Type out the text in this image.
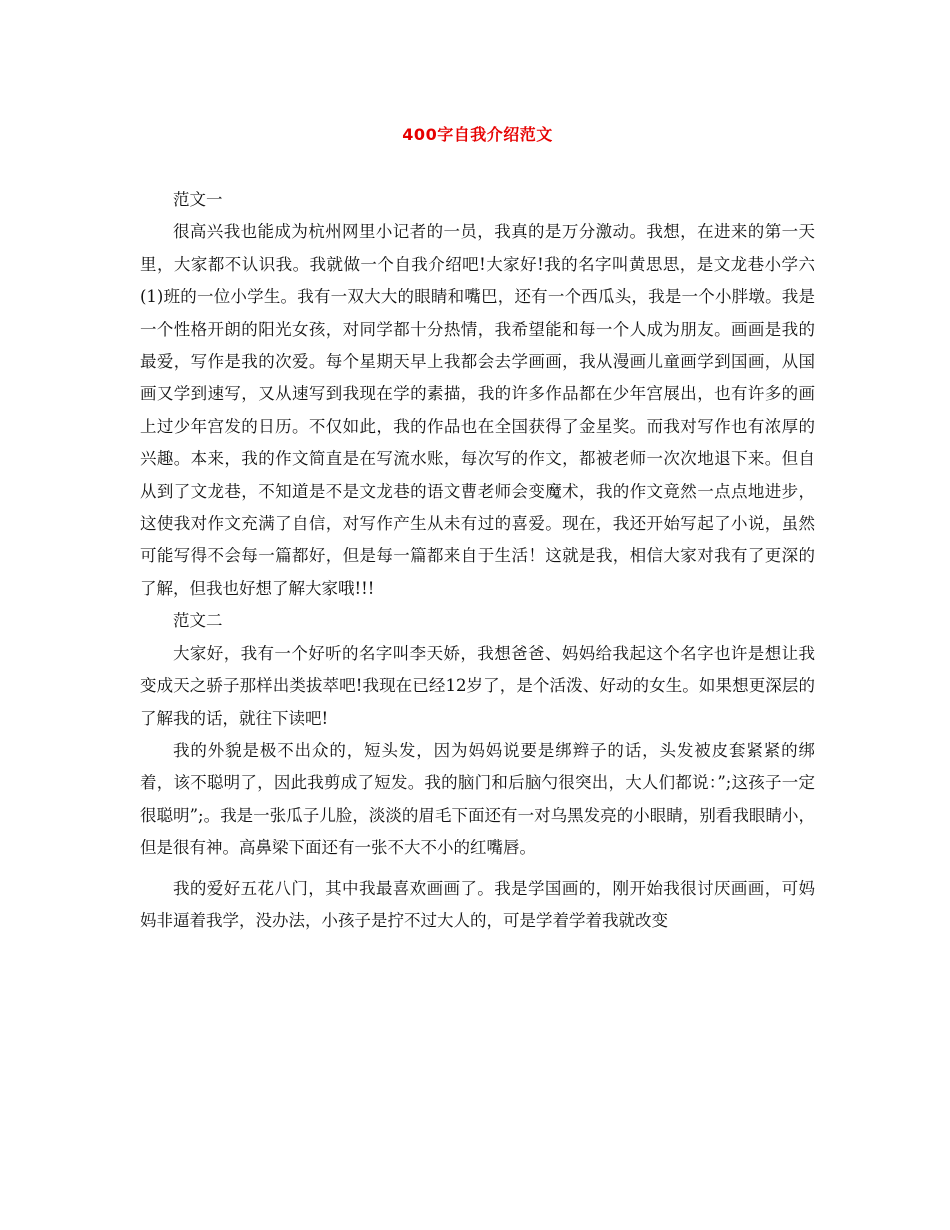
400字自我介绍范文

范文一

很高兴我也能成为杭州网里小记者的一员，我真的是万分激动。我想，在进来的第一天里，大家都不认识我。我就做一个自我介绍吧!大家好!我的名字叫黄思思，是文龙巷小学六(1)班的一位小学生。我有一双大大的眼睛和嘴巴，还有一个西瓜头，我是一个小胖墩。我是一个性格开朗的阳光女孩，对同学都十分热情，我希望能和每一个人成为朋友。画画是我的最爱，写作是我的次爱。每个星期天早上我都会去学画画，我从漫画儿童画学到国画，从国画又学到速写，又从速写到我现在学的素描，我的许多作品都在少年宫展出，也有许多的画上过少年宫发的日历。不仅如此，我的作品也在全国获得了金星奖。而我对写作也有浓厚的兴趣。本来，我的作文简直是在写流水账，每次写的作文，都被老师一次次地退下来。但自从到了文龙巷，不知道是不是文龙巷的语文曹老师会变魔术，我的作文竟然一点点地进步，这使我对作文充满了自信，对写作产生从未有过的喜爱。现在，我还开始写起了小说，虽然可能写得不会每一篇都好，但是每一篇都来自于生活！这就是我，相信大家对我有了更深的了解，但我也好想了解大家哦!!!

范文二

大家好，我有一个好听的名字叫李天娇，我想爸爸、妈妈给我起这个名字也许是想让我变成天之骄子那样出类拔萃吧!我现在已经12岁了，是个活泼、好动的女生。如果想更深层的了解我的话，就往下读吧!

我的外貌是极不出众的，短头发，因为妈妈说要是绑辫子的话，头发被皮套紧紧的绑着，该不聪明了，因此我剪成了短发。我的脑门和后脑勺很突出，大人们都说：”;这孩子一定很聪明”;。我是一张瓜子儿脸，淡淡的眉毛下面还有一对乌黑发亮的小眼睛，别看我眼睛小，但是很有神。高鼻梁下面还有一张不大不小的红嘴唇。

我的爱好五花八门，其中我最喜欢画画了。我是学国画的，刚开始我很讨厌画画，可妈妈非逼着我学，没办法，小孩子是拧不过大人的，可是学着学着我就改变
